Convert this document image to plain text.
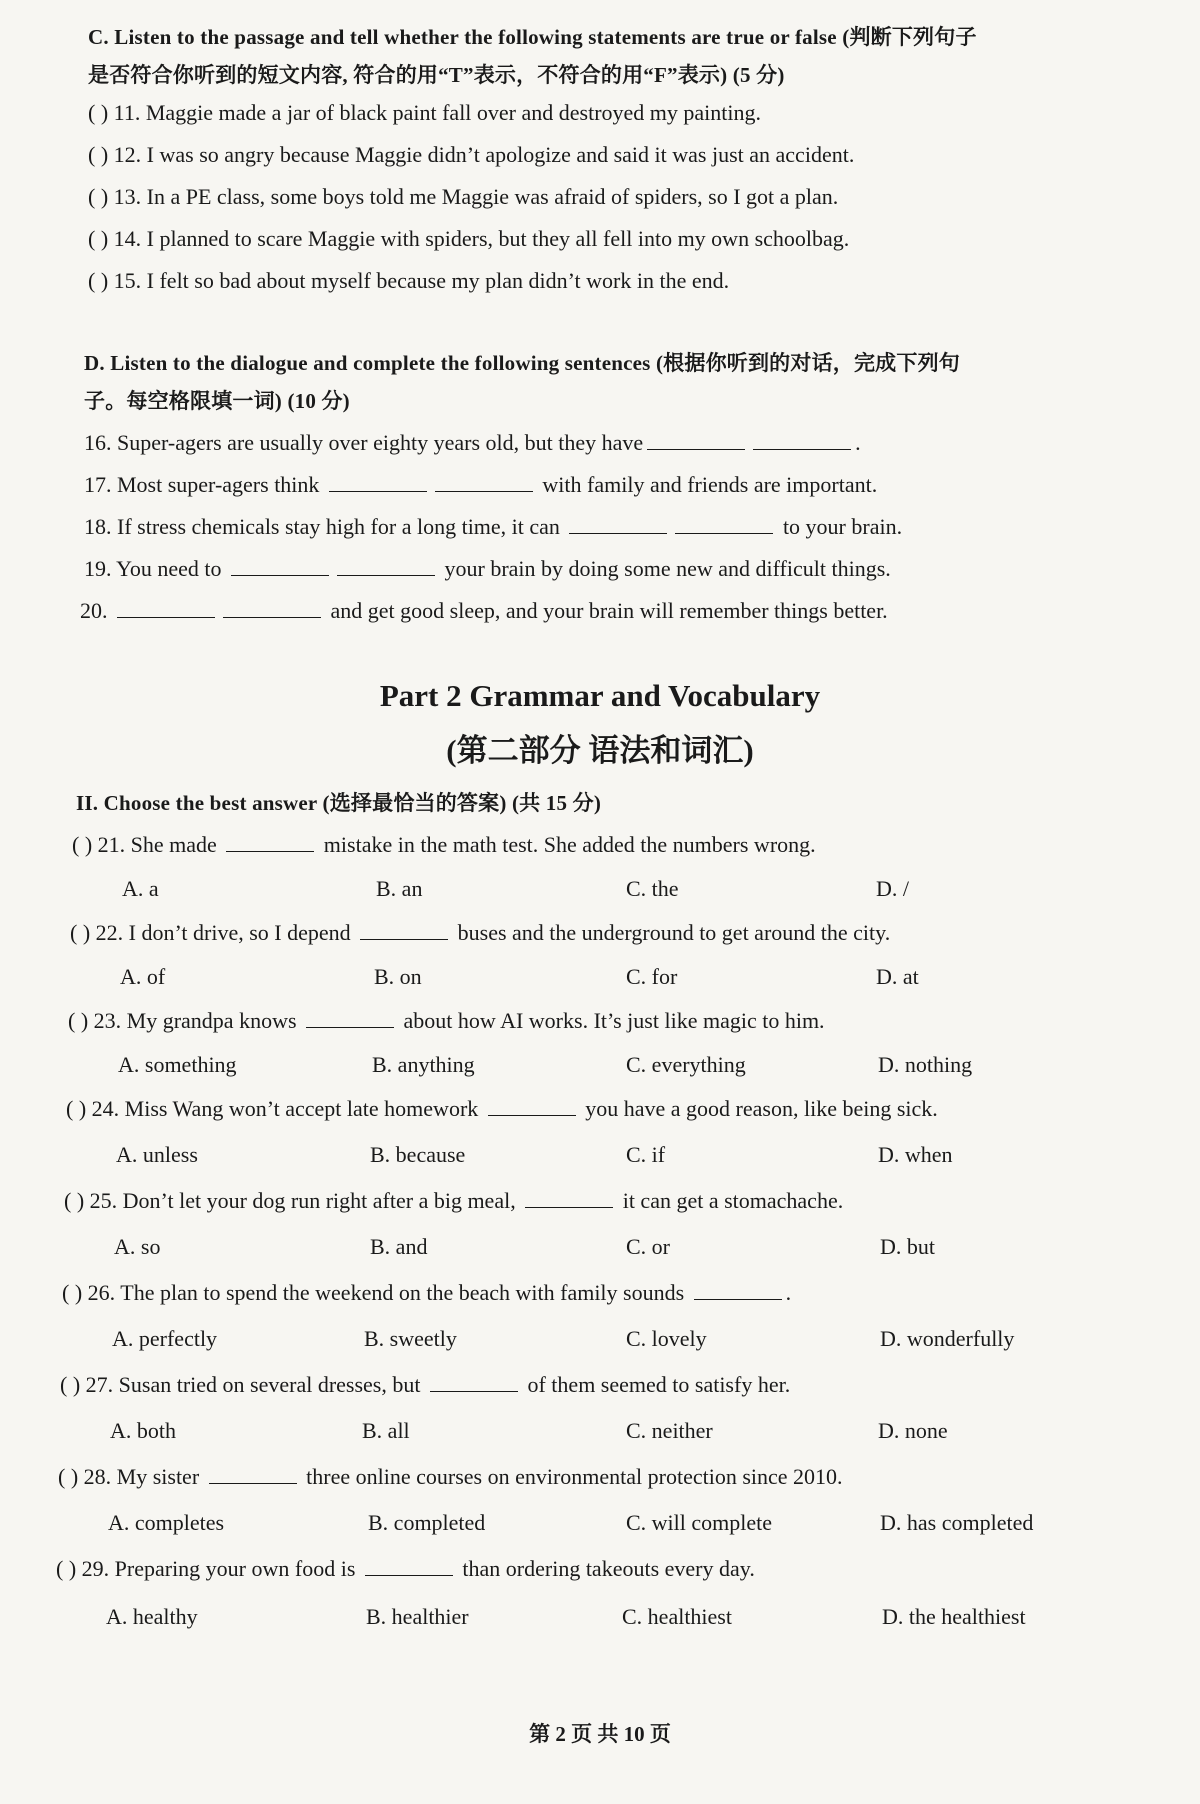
C. Listen to the passage and tell whether the following statements are true or false (判断下列句子
是否符合你听到的短文内容, 符合的用“T”表示，不符合的用“F”表示) (5 分)
( ) 11. Maggie made a jar of black paint fall over and destroyed my painting.
( ) 12. I was so angry because Maggie didn’t apologize and said it was just an accident.
( ) 13. In a PE class, some boys told me Maggie was afraid of spiders, so I got a plan.
( ) 14. I planned to scare Maggie with spiders, but they all fell into my own schoolbag.
( ) 15. I felt so bad about myself because my plan didn’t work in the end.
D. Listen to the dialogue and complete the following sentences (根据你听到的对话，完成下列句
子。每空格限填一词) (10 分)
16. Super-agers are usually over eighty years old, but they have	.
17. Most super-agers think	with family and friends are important.
18. If stress chemicals stay high for a long time, it can	to your brain.
19. You need to	your brain by doing some new and difficult things.
20.	and get good sleep, and your brain will remember things better.
Part 2 Grammar and Vocabulary
(第二部分 语法和词汇)
II. Choose the best answer (选择最恰当的答案) (共 15 分)
( ) 21. She made	mistake in the math test. She added the numbers wrong.
A. a	B. an	C. the	D. /
( ) 22. I don’t drive, so I depend	buses and the underground to get around the city.
A. of	B. on	C. for	D. at
( ) 23. My grandpa knows	about how AI works. It’s just like magic to him.
A. something	B. anything	C. everything	D. nothing
( ) 24. Miss Wang won’t accept late homework	you have a good reason, like being sick.
A. unless	B. because	C. if	D. when
( ) 25. Don’t let your dog run right after a big meal,	it can get a stomachache.
A. so	B. and	C. or	D. but
( ) 26. The plan to spend the weekend on the beach with family sounds	.
A. perfectly	B. sweetly	C. lovely	D. wonderfully
( ) 27. Susan tried on several dresses, but	of them seemed to satisfy her.
A. both	B. all	C. neither	D. none
( ) 28. My sister	three online courses on environmental protection since 2010.
A. completes	B. completed	C. will complete	D. has completed
( ) 29. Preparing your own food is	than ordering takeouts every day.
A. healthy	B. healthier	C. healthiest	D. the healthiest
第 2 页 共 10 页
